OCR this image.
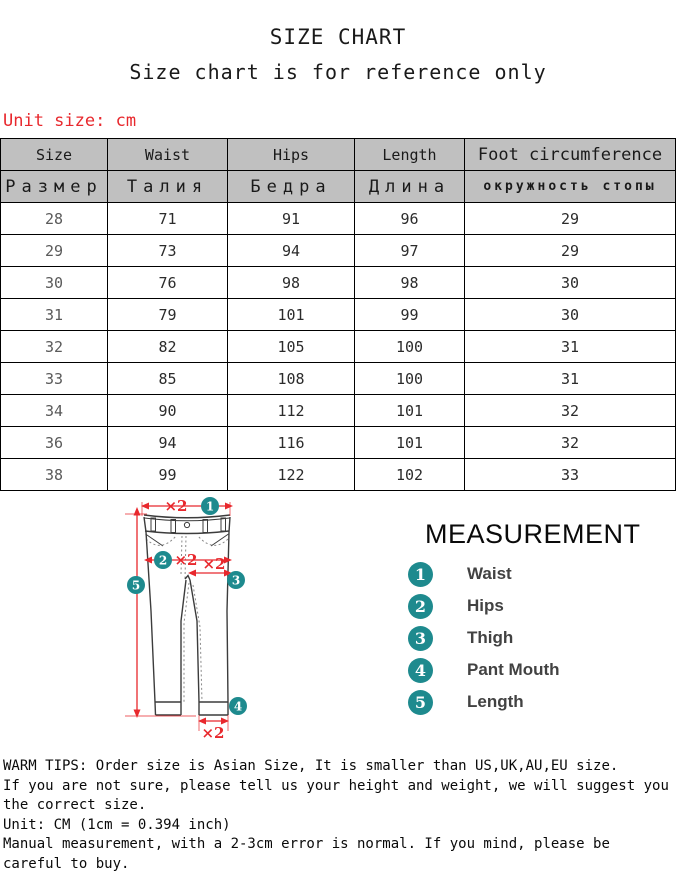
SIZE CHART
Size chart is for reference only
Unit size: cm
Size	Waist	Hips	Length	Foot circumference
Размер	Талия	Бедра	Длина	окружность стопы
28	71	91	96	29
29	73	94	97	29
30	76	98	98	30
31	79	101	99	30
32	82	105	100	31
33	85	108	100	31
34	90	112	101	32
36	94	116	101	32
38	99	122	102	33
×2
×2 ×2
×2
1
2
3
4
5
MEASUREMENT
1	Waist
2	Hips
3	Thigh
4	Pant Mouth
5	Length

WARM TIPS: Order size is Asian Size, It is smaller than US,UK,AU,EU size.

If you are not sure, please tell us your height and weight, we will suggest you the correct size.

Unit: CM (1cm = 0.394 inch)

Manual measurement, with a 2-3cm error is normal. If you mind, please be careful to buy.
